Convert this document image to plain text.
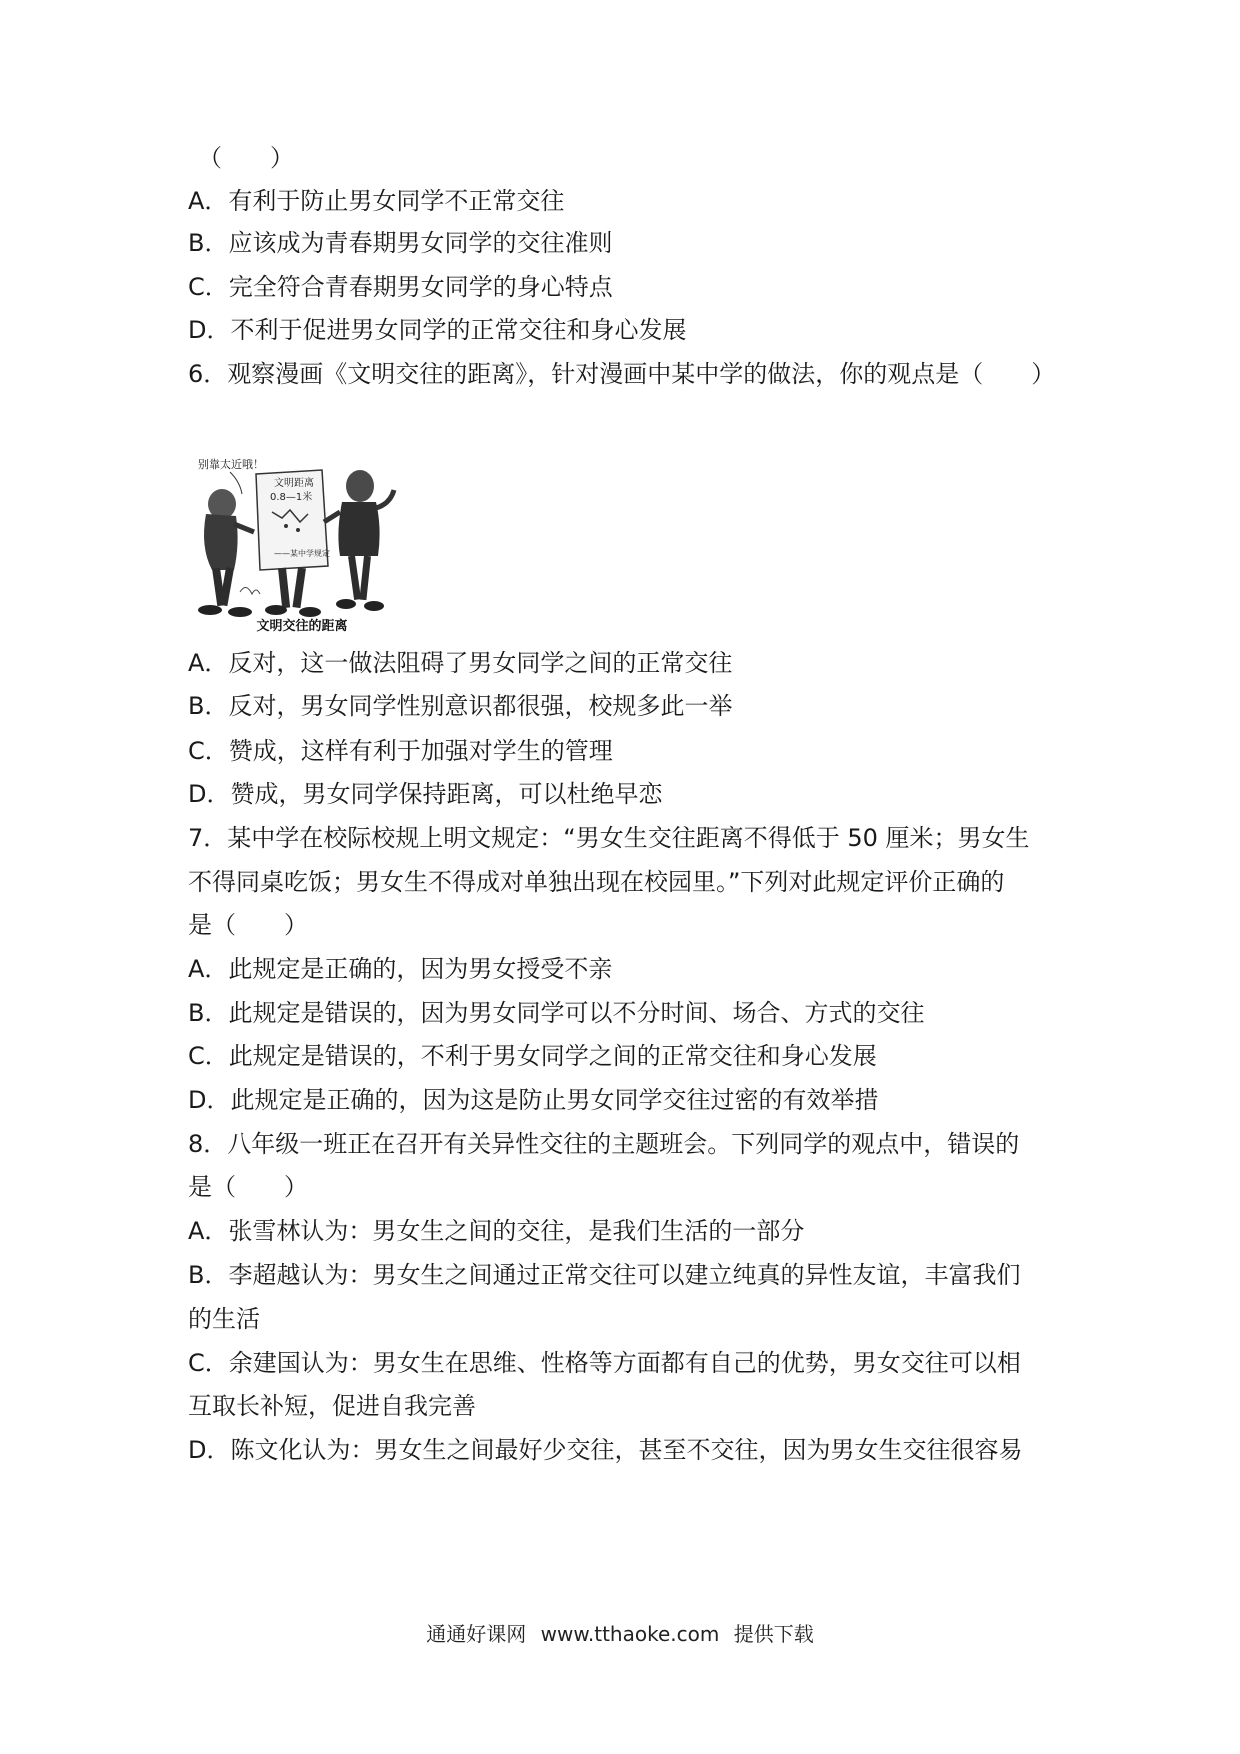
（　　）
A．有利于防止男女同学不正常交往
B．应该成为青春期男女同学的交往准则
C．完全符合青春期男女同学的身心特点
D．不利于促进男女同学的正常交往和身心发展
6．观察漫画《文明交往的距离》，针对漫画中某中学的做法，你的观点是（　　）
别靠太近哦！
文明距离
0.8—1米
——某中学规定
文明交往的距离
A．反对，这一做法阻碍了男女同学之间的正常交往
B．反对，男女同学性别意识都很强，校规多此一举
C．赞成，这样有利于加强对学生的管理
D．赞成，男女同学保持距离，可以杜绝早恋
7．某中学在校际校规上明文规定：“男女生交往距离不得低于 50 厘米；男女生
不得同桌吃饭；男女生不得成对单独出现在校园里。”下列对此规定评价正确的
是（　　）
A．此规定是正确的，因为男女授受不亲
B．此规定是错误的，因为男女同学可以不分时间、场合、方式的交往
C．此规定是错误的，不利于男女同学之间的正常交往和身心发展
D．此规定是正确的，因为这是防止男女同学交往过密的有效举措
8．八年级一班正在召开有关异性交往的主题班会。下列同学的观点中，错误的
是（　　）
A．张雪林认为：男女生之间的交往，是我们生活的一部分
B．李超越认为：男女生之间通过正常交往可以建立纯真的异性友谊，丰富我们
的生活
C．余建国认为：男女生在思维、性格等方面都有自己的优势，男女交往可以相
互取长补短，促进自我完善
D．陈文化认为：男女生之间最好少交往，甚至不交往，因为男女生交往很容易
通通好课网 www.tthaoke.com 提供下载
